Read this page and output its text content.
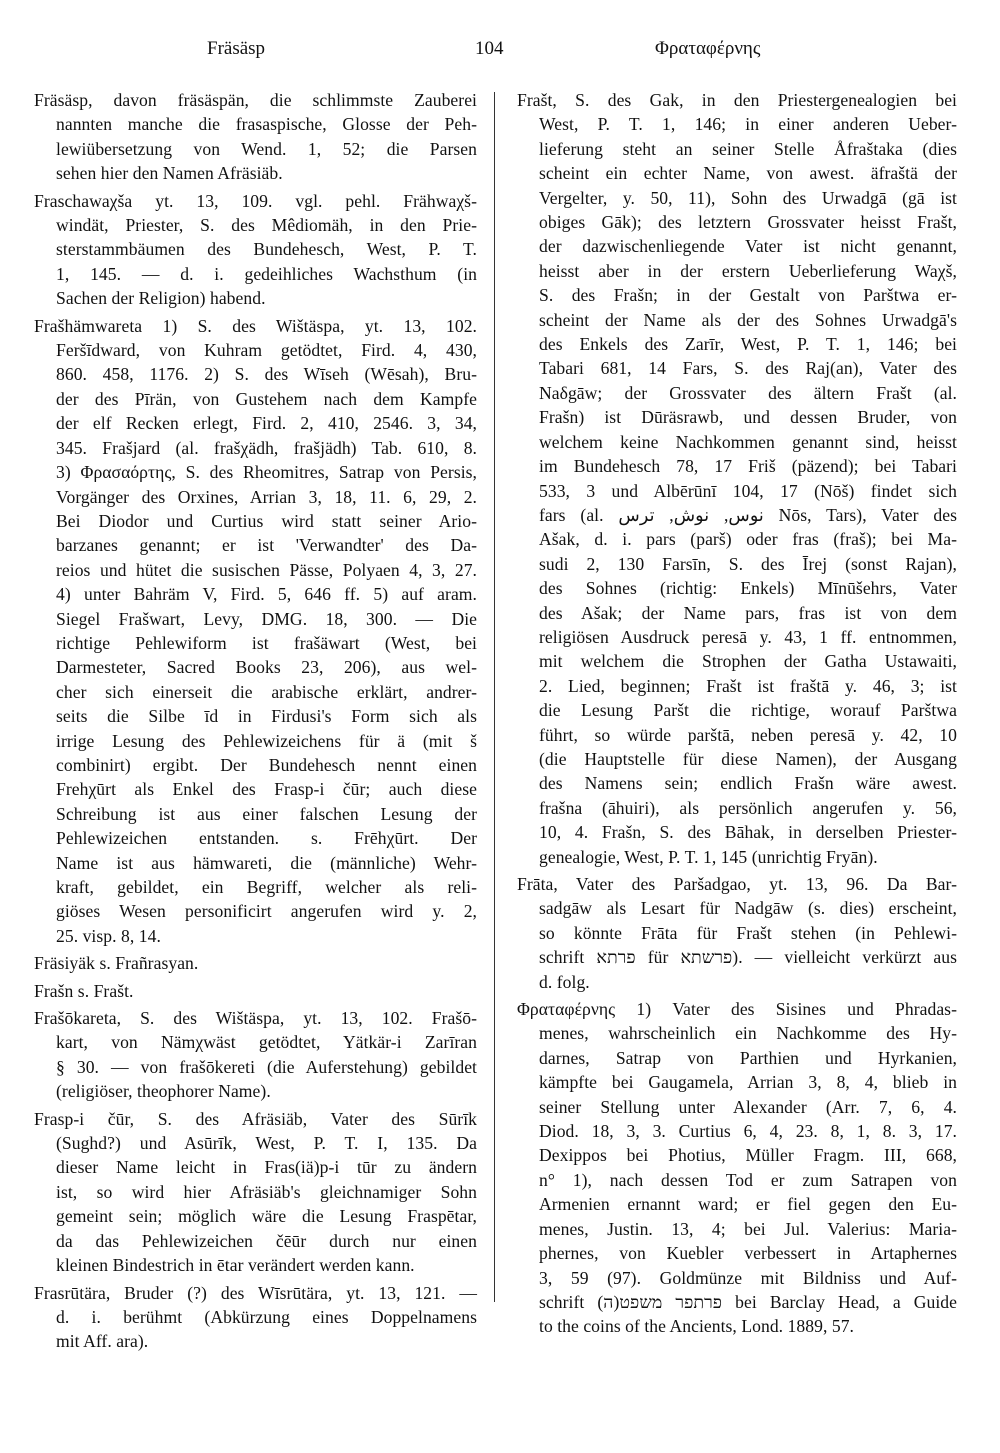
Fräsäsp	104	Φραταφέρνης
Fräsäsp, davon fräsäspän, die schlimmste Zauberei
nannten manche die frasaspische, Glosse der Peh-
lewiübersetzung von Wend. 1, 52; die Parsen
sehen hier den Namen Afräsiäb.
Fraschawaχša yt. 13, 109. vgl. pehl. Frähwaχš-
windät, Priester, S. des Mêdiomäh, in den Prie-
sterstammbäumen des Bundehesch, West, P. T.
1, 145. — d. i. gedeihliches Wachsthum (in
Sachen der Religion) habend.
Frašhämwareta 1) S. des Wištäspa, yt. 13, 102.
Feršīdward, von Kuhram getödtet, Fird. 4, 430,
860. 458, 1176. 2) S. des Wīseh (Wēsah), Bru-
der des Pīrän, von Gustehem nach dem Kampfe
der elf Recken erlegt, Fird. 2, 410, 2546. 3, 34,
345. Frašjard (al. frašχädh, frašjädh) Tab. 610, 8.
3) Φρασαόρτης, S. des Rheomitres, Satrap von Persis,
Vorgänger des Orxines, Arrian 3, 18, 11. 6, 29, 2.
Bei Diodor und Curtius wird statt seiner Ario-
barzanes genannt; er ist 'Verwandter' des Da-
reios und hütet die susischen Pässe, Polyaen 4, 3, 27.
4) unter Bahräm V, Fird. 5, 646 ff. 5) auf aram.
Siegel Frašwart, Levy, DMG. 18, 300. — Die
richtige Pehlewiform ist frašäwart (West, bei
Darmesteter, Sacred Books 23, 206), aus wel-
cher sich einerseit die arabische erklärt, andrer-
seits die Silbe īd in Firdusi's Form sich als
irrige Lesung des Pehlewizeichens für ä (mit š
combinirt) ergibt. Der Bundehesch nennt einen
Frehχūrt als Enkel des Frasp-i čūr; auch diese
Schreibung ist aus einer falschen Lesung der
Pehlewizeichen entstanden. s. Frēhχūrt. Der
Name ist aus hämwareti, die (männliche) Wehr-
kraft, gebildet, ein Begriff, welcher als reli-
giöses Wesen personificirt angerufen wird y. 2,
25. visp. 8, 14.
Fräsiyäk s. Frañrasyan.
Frašn s. Frašt.
Frašōkareta, S. des Wištäspa, yt. 13, 102. Frašō-
kart, von Nämχwäst getödtet, Yätkär-i Zarīran
§ 30. — von frašōkereti (die Auferstehung) gebildet
(religiöser, theophorer Name).
Frasp-i čūr, S. des Afräsiäb, Vater des Sūrīk
(Sughd?) und Asūrīk, West, P. T. I, 135. Da
dieser Name leicht in Fras(iä)p-i tūr zu ändern
ist, so wird hier Afräsiäb's gleichnamiger Sohn
gemeint sein; möglich wäre die Lesung Fraspētar,
da das Pehlewizeichen čēūr durch nur einen
kleinen Bindestrich in ētar verändert werden kann.
Frasrūtära, Bruder (?) des Wīsrūtära, yt. 13, 121. —
d. i. berühmt (Abkürzung eines Doppelnamens
mit Aff. ara).
Frašt, S. des Gak, in den Priestergenealogien bei
West, P. T. 1, 146; in einer anderen Ueber-
lieferung steht an seiner Stelle Åfraštaka (dies
scheint ein echter Name, von awest. äfraštä der
Vergelter, y. 50, 11), Sohn des Urwadgā (gā ist
obiges Gāk); des letztern Grossvater heisst Frašt,
der dazwischenliegende Vater ist nicht genannt,
heisst aber in der erstern Ueberlieferung Waχš,
S. des Frašn; in der Gestalt von Parštwa er-
scheint der Name als der des Sohnes Urwadgā's
des Enkels des Zarīr, West, P. T. 1, 146; bei
Tabari 681, 14 Fars, S. des Raj(an), Vater des
Naδgāw; der Grossvater des ältern Frašt (al.
Frašn) ist Dūräsrawb, und dessen Bruder, von
welchem keine Nachkommen genannt sind, heisst
im Bundehesch 78, 17 Friš (päzend); bei Tabari
533, 3 und Albērūnī 104, 17 (Nōš) findet sich
fars (al. نوس, نوش, ترس Nōs, Tars), Vater des
Ašak, d. i. pars (parš) oder fras (fraš); bei Ma-
sudi 2, 130 Farsīn, S. des Īrej (sonst Rajan),
des Sohnes (richtig: Enkels) Mīnūšehrs, Vater
des Ašak; der Name pars, fras ist von dem
religiösen Ausdruck peresā y. 43, 1 ff. entnommen,
mit welchem die Strophen der Gatha Ustawaiti,
2. Lied, beginnen; Frašt ist fraštā y. 46, 3; ist
die Lesung Paršt die richtige, worauf Parštwa
führt, so würde parštā, neben peresā y. 42, 10
(die Hauptstelle für diese Namen), der Ausgang
des Namens sein; endlich Frašn wäre awest.
frašna (āhuiri), als persönlich angerufen y. 56,
10, 4. Frašn, S. des Bāhak, in derselben Priester-
genealogie, West, P. T. 1, 145 (unrichtig Fryān).
Frāta, Vater des Paršadgao, yt. 13, 96. Da Bar-
sadgāw als Lesart für Nadgāw (s. dies) erscheint,
so könnte Frāta für Frašt stehen (in Pehlewi-
schrift פרתא für פרשתא). — vielleicht verkürzt aus
d. folg.
Φραταφέρνης 1) Vater des Sisines und Phradas-
menes, wahrscheinlich ein Nachkomme des Hy-
darnes, Satrap von Parthien und Hyrkanien,
kämpfte bei Gaugamela, Arrian 3, 8, 4, blieb in
seiner Stellung unter Alexander (Arr. 7, 6, 4.
Diod. 18, 3, 3. Curtius 6, 4, 23. 8, 1, 8. 3, 17.
Dexippos bei Photius, Müller Fragm. III, 668,
n° 1), nach dessen Tod er zum Satrapen von
Armenien ernannt ward; er fiel gegen den Eu-
menes, Justin. 13, 4; bei Jul. Valerius: Maria-
phernes, von Kuebler verbessert in Artaphernes
3, 59 (97). Goldmünze mit Bildniss und Auf-
schrift (ה)פרתפר משפט bei Barclay Head, a Guide
to the coins of the Ancients, Lond. 1889, 57.
